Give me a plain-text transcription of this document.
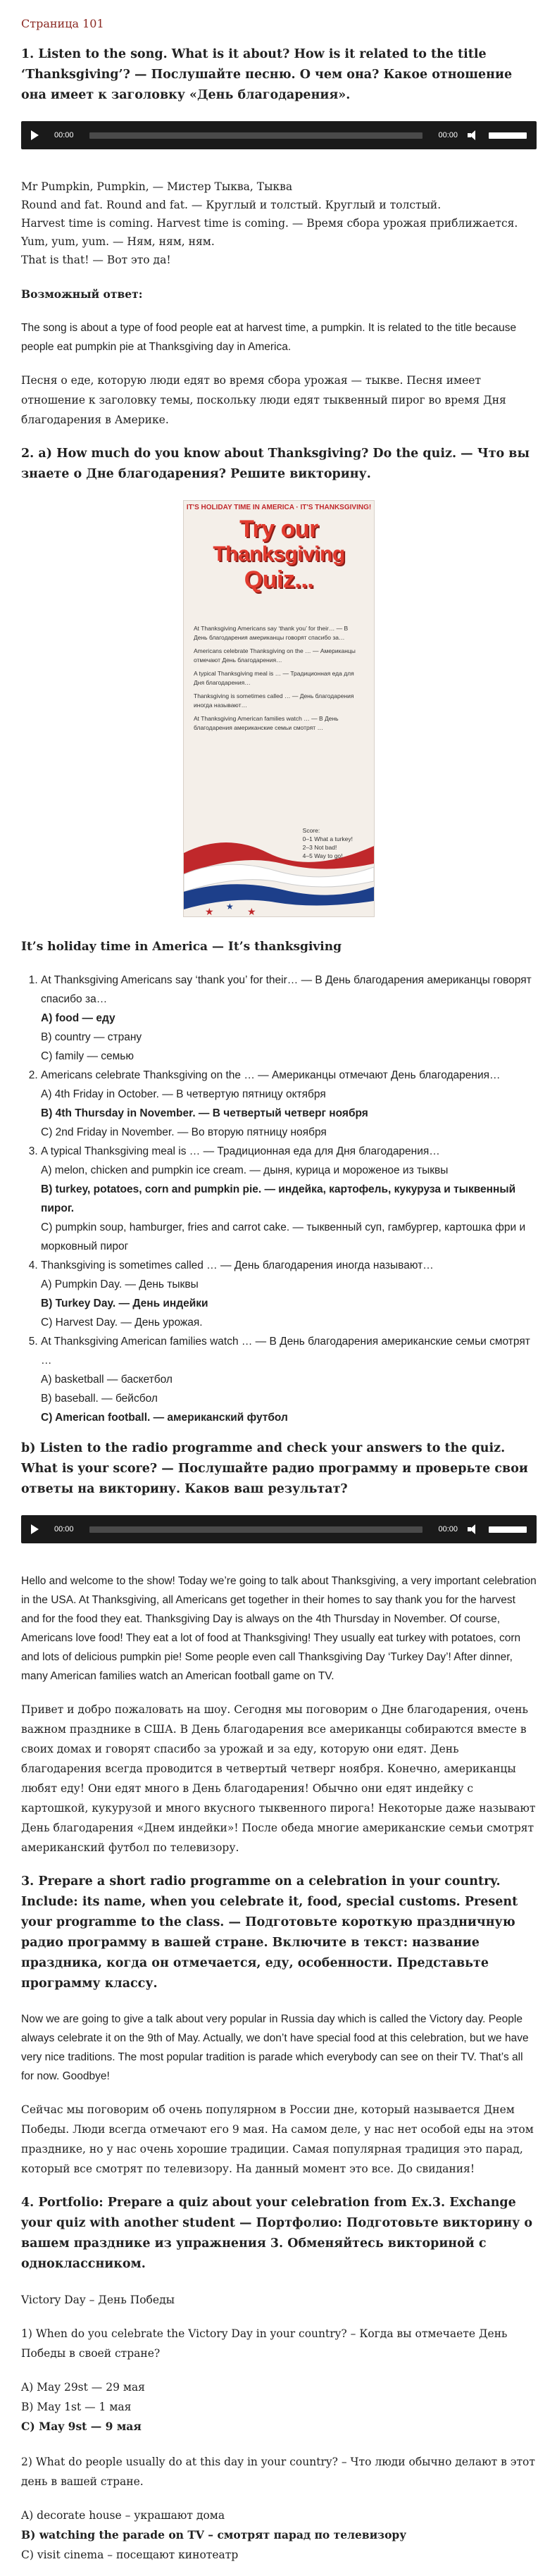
Страница 101
1. Listen to the song. What is it about? How is it related to the title ‘Thanksgiving’? — Послушайте песню. О чем она? Какое отношение она имеет к заголовку «День благодарения».
00:00	00:00
Mr Pumpkin, Pumpkin, — Мистер Тыква, Тыква
Round and fat. Round and fat. — Круглый и толстый. Круглый и толстый.
Harvest time is coming. Harvest time is coming. — Время сбора урожая приближается.
Yum, yum, yum. — Ням, ням, ням.
That is that! — Вот это да!

Возможный ответ:

The song is about a type of food people eat at harvest time, a pumpkin. It is related to the title because people eat pumpkin pie at Thanksgiving day in America.

Песня о еде, которую люди едят во время сбора урожая — тыкве. Песня имеет отношение к заголовку темы, поскольку люди едят тыквенный пирог во время Дня благодарения в Америке.

2. a) How much do you know about Thanksgiving? Do the quiz. — Что вы знаете о Дне благодарения? Решите викторину.
IT'S HOLIDAY TIME IN AMERICA · IT'S THANKSGIVING!
Try our
Thanksgiving
Quiz...
At Thanksgiving Americans say ‘thank you’ for their… — В День благодарения американцы говорят спасибо за…
Americans celebrate Thanksgiving on the … — Американцы отмечают День благодарения…
A typical Thanksgiving meal is … — Традиционная еда для Дня благодарения…
Thanksgiving is sometimes called … — День благодарения иногда называют…
At Thanksgiving American families watch … — В День благодарения американские семьи смотрят …
★ ★ ★
Score:
0–1 What a turkey!
2–3 Not bad!
4–5 Way to go!

It’s holiday time in America — It’s thanksgiving

1. At Thanksgiving Americans say ‘thank you’ for their… — В День благодарения американцы говорят спасибо за…
A) food — еду
B) country — страну
C) family — семью
2. Americans celebrate Thanksgiving on the … — Американцы отмечают День благодарения…
A) 4th Friday in October. — В четвертую пятницу октября
B) 4th Thursday in November. — В четвертый четверг ноября
C) 2nd Friday in November. — Во вторую пятницу ноября
3. A typical Thanksgiving meal is … — Традиционная еда для Дня благодарения…
A) melon, chicken and pumpkin ice cream. — дыня, курица и мороженое из тыквы
B) turkey, potatoes, corn and pumpkin pie. — индейка, картофель, кукуруза и тыквенный пирог.
C) pumpkin soup, hamburger, fries and carrot cake. — тыквенный суп, гамбургер, картошка фри и морковный пирог
4. Thanksgiving is sometimes called … — День благодарения иногда называют…
A) Pumpkin Day. — День тыквы
B) Turkey Day. — День индейки
C) Harvest Day. — День урожая.
5. At Thanksgiving American families watch … — В День благодарения американские семьи смотрят …
A) basketball — баскетбол
B) baseball. — бейсбол
C) American football. — американский футбол
b) Listen to the radio programme and check your answers to the quiz. What is your score? — Послушайте радио программу и проверьте свои ответы на викторину. Каков ваш результат?
00:00	00:00

Hello and welcome to the show! Today we’re going to talk about Thanksgiving, a very important celebration in the USA. At Thanksgiving, all Americans get together in their homes to say thank you for the harvest and for the food they eat. Thanksgiving Day is always on the 4th Thursday in November. Of course, Americans love food! They eat a lot of food at Thanksgiving! They usually eat turkey with potatoes, corn and lots of delicious pumpkin pie! Some people even call Thanksgiving Day ‘Turkey Day’! After dinner, many American families watch an American football game on TV.

Привет и добро пожаловать на шоу. Сегодня мы поговорим о Дне благодарения, очень важном празднике в США. В День благодарения все американцы собираются вместе в своих домах и говорят спасибо за урожай и за еду, которую они едят. День благодарения всегда проводится в четвертый четверг ноября. Конечно, американцы любят еду! Они едят много в День благодарения! Обычно они едят индейку с картошкой, кукурузой и много вкусного тыквенного пирога! Некоторые даже называют День благодарения «Днем индейки»! После обеда многие американские семьи смотрят американский футбол по телевизору.

3. Prepare a short radio programme on a celebration in your country. Include: its name, when you celebrate it, food, special customs. Present your programme to the class. — Подготовьте короткую праздничную радио программу в вашей стране. Включите в текст: название праздника, когда он отмечается, еду, особенности. Представьте программу классу.

Now we are going to give a talk about very popular in Russia day which is called the Victory day. People always celebrate it on the 9th of May. Actually, we don’t have special food at this celebration, but we have very nice traditions. The most popular tradition is parade which everybody can see on their TV. That’s all for now. Goodbye!

Сейчас мы поговорим об очень популярном в России дне, который называется Днем Победы. Люди всегда отмечают его 9 мая. На самом деле, у нас нет особой еды на этом празднике, но у нас очень хорошие традиции. Самая популярная традиция это парад, который все смотрят по телевизору. На данный момент это все. До свидания!

4. Portfolio: Prepare a quiz about your celebration from Ex.3. Exchange your quiz with another student — Портфолио: Подготовьте викторину о вашем празднике из упражнения 3. Обменяйтесь викториной с одноклассником.

Victory Day – День Победы

1) When do you celebrate the Victory Day in your country? – Когда вы отмечаете День Победы в своей стране?

A) May 29st — 29 мая
B) May 1st — 1 мая
C) May 9st — 9 мая

2) What do people usually do at this day in your country? – Что люди обычно делают в этот день в вашей стране.

A) decorate house – украшают дома
B) watching the parade on TV – смотрят парад по телевизору
C) visit cinema – посещают кинотеатр
